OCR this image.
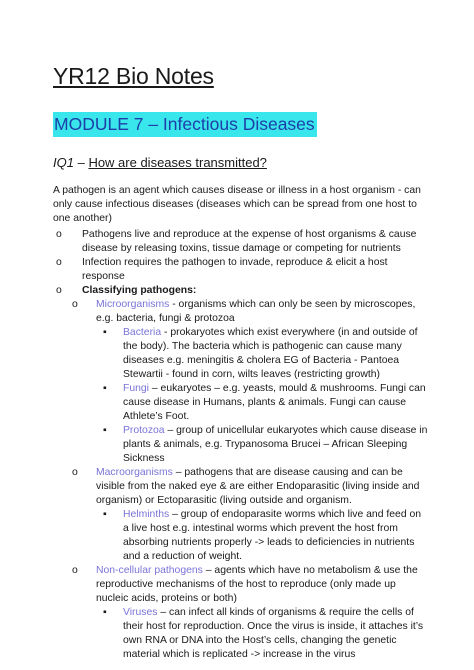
YR12 Bio Notes
MODULE 7 – Infectious Diseases
IQ1 – How are diseases transmitted?

A pathogen is an agent which causes disease or illness in a host organism - can only cause infectious diseases (diseases which can be spread from one host to one another)

o Pathogens live and reproduce at the expense of host organisms & cause disease by releasing toxins, tissue damage or competing for nutrients
o Infection requires the pathogen to invade, reproduce & elicit a host response
o Classifying pathogens:
o Microorganisms - organisms which can only be seen by microscopes, e.g. bacteria, fungi & protozoa
▪ Bacteria - prokaryotes which exist everywhere (in and outside of the body). The bacteria which is pathogenic can cause many diseases e.g. meningitis & cholera EG of Bacteria - Pantoea Stewartii - found in corn, wilts leaves (restricting growth)
▪ Fungi – eukaryotes – e.g. yeasts, mould & mushrooms. Fungi can cause disease in Humans, plants & animals. Fungi can cause Athlete’s Foot.
▪ Protozoa – group of unicellular eukaryotes which cause disease in plants & animals, e.g. Trypanosoma Brucei – African Sleeping Sickness
o Macroorganisms – pathogens that are disease causing and can be visible from the naked eye & are either Endoparasitic (living inside and organism) or Ectoparasitic (living outside and organism.
▪ Helminths – group of endoparasite worms which live and feed on a live host e.g. intestinal worms which prevent the host from absorbing nutrients properly -> leads to deficiencies in nutrients and a reduction of weight.
o Non-cellular pathogens – agents which have no metabolism & use the reproductive mechanisms of the host to reproduce (only made up nucleic acids, proteins or both)
▪ Viruses – can infect all kinds of organisms & require the cells of their host for reproduction. Once the virus is inside, it attaches it’s own RNA or DNA into the Host’s cells, changing the genetic material which is replicated -> increase in the virus
